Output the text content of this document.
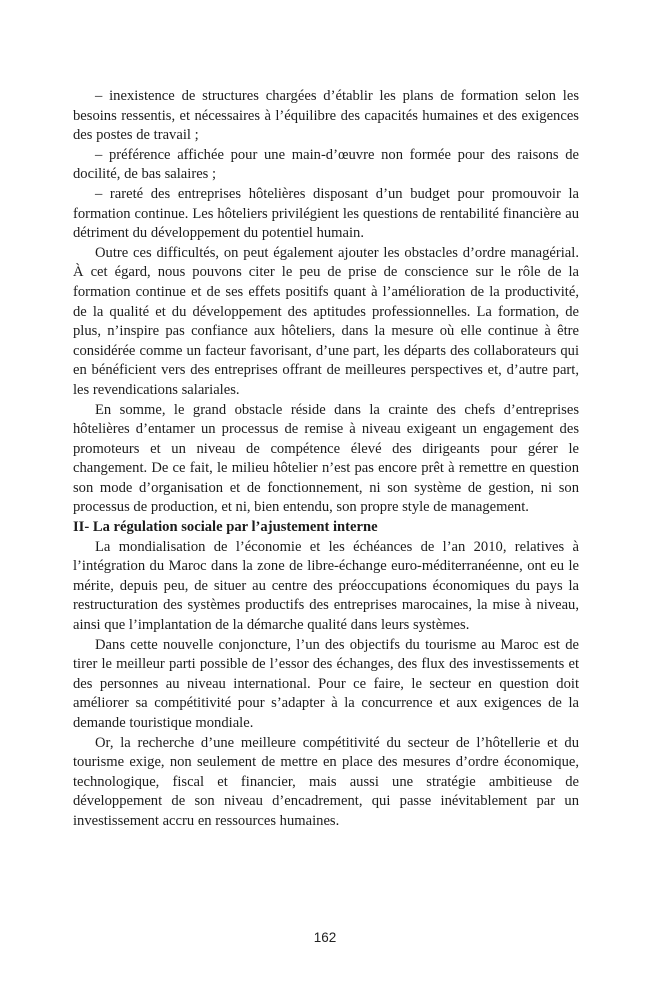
– inexistence de structures chargées d’établir les plans de formation selon les besoins ressentis, et nécessaires à l’équilibre des capacités humaines et des exigences des postes de travail ;

– préférence affichée pour une main-d’œuvre non formée pour des raisons de docilité, de bas salaires ;

– rareté des entreprises hôtelières disposant d’un budget pour promouvoir la formation continue. Les hôteliers privilégient les questions de rentabilité financière au détriment du développement du potentiel humain.

Outre ces difficultés, on peut également ajouter les obstacles d’ordre managérial. À cet égard, nous pouvons citer le peu de prise de conscience sur le rôle de la formation continue et de ses effets positifs quant à l’amélioration de la productivité, de la qualité et du développement des aptitudes professionnelles. La formation, de plus, n’inspire pas confiance aux hôteliers, dans la mesure où elle continue à être considérée comme un facteur favorisant, d’une part, les départs des collaborateurs qui en bénéficient vers des entreprises offrant de meilleures perspectives et, d’autre part, les revendications salariales.

En somme, le grand obstacle réside dans la crainte des chefs d’entreprises hôtelières d’entamer un processus de remise à niveau exigeant un engagement des promoteurs et un niveau de compétence élevé des dirigeants pour gérer le changement. De ce fait, le milieu hôtelier n’est pas encore prêt à remettre en question son mode d’organisation et de fonctionnement, ni son système de gestion, ni son processus de production, et ni, bien entendu, son propre style de management.

II- La régulation sociale par l’ajustement interne

La mondialisation de l’économie et les échéances de l’an 2010, relatives à l’intégration du Maroc dans la zone de libre-échange euro-méditerranéenne, ont eu le mérite, depuis peu, de situer au centre des préoccupations économiques du pays la restructuration des systèmes productifs des entreprises marocaines, la mise à niveau, ainsi que l’implantation de la démarche qualité dans leurs systèmes.

Dans cette nouvelle conjoncture, l’un des objectifs du tourisme au Maroc est de tirer le meilleur parti possible de l’essor des échanges, des flux des investissements et des personnes au niveau international. Pour ce faire, le secteur en question doit améliorer sa compétitivité pour s’adapter à la concurrence et aux exigences de la demande touristique mondiale.

Or, la recherche d’une meilleure compétitivité du secteur de l’hôtellerie et du tourisme exige, non seulement de mettre en place des mesures d’ordre économique, technologique, fiscal et financier, mais aussi une stratégie ambitieuse de développement de son niveau d’encadrement, qui passe inévitablement par un investissement accru en ressources humaines.

162
